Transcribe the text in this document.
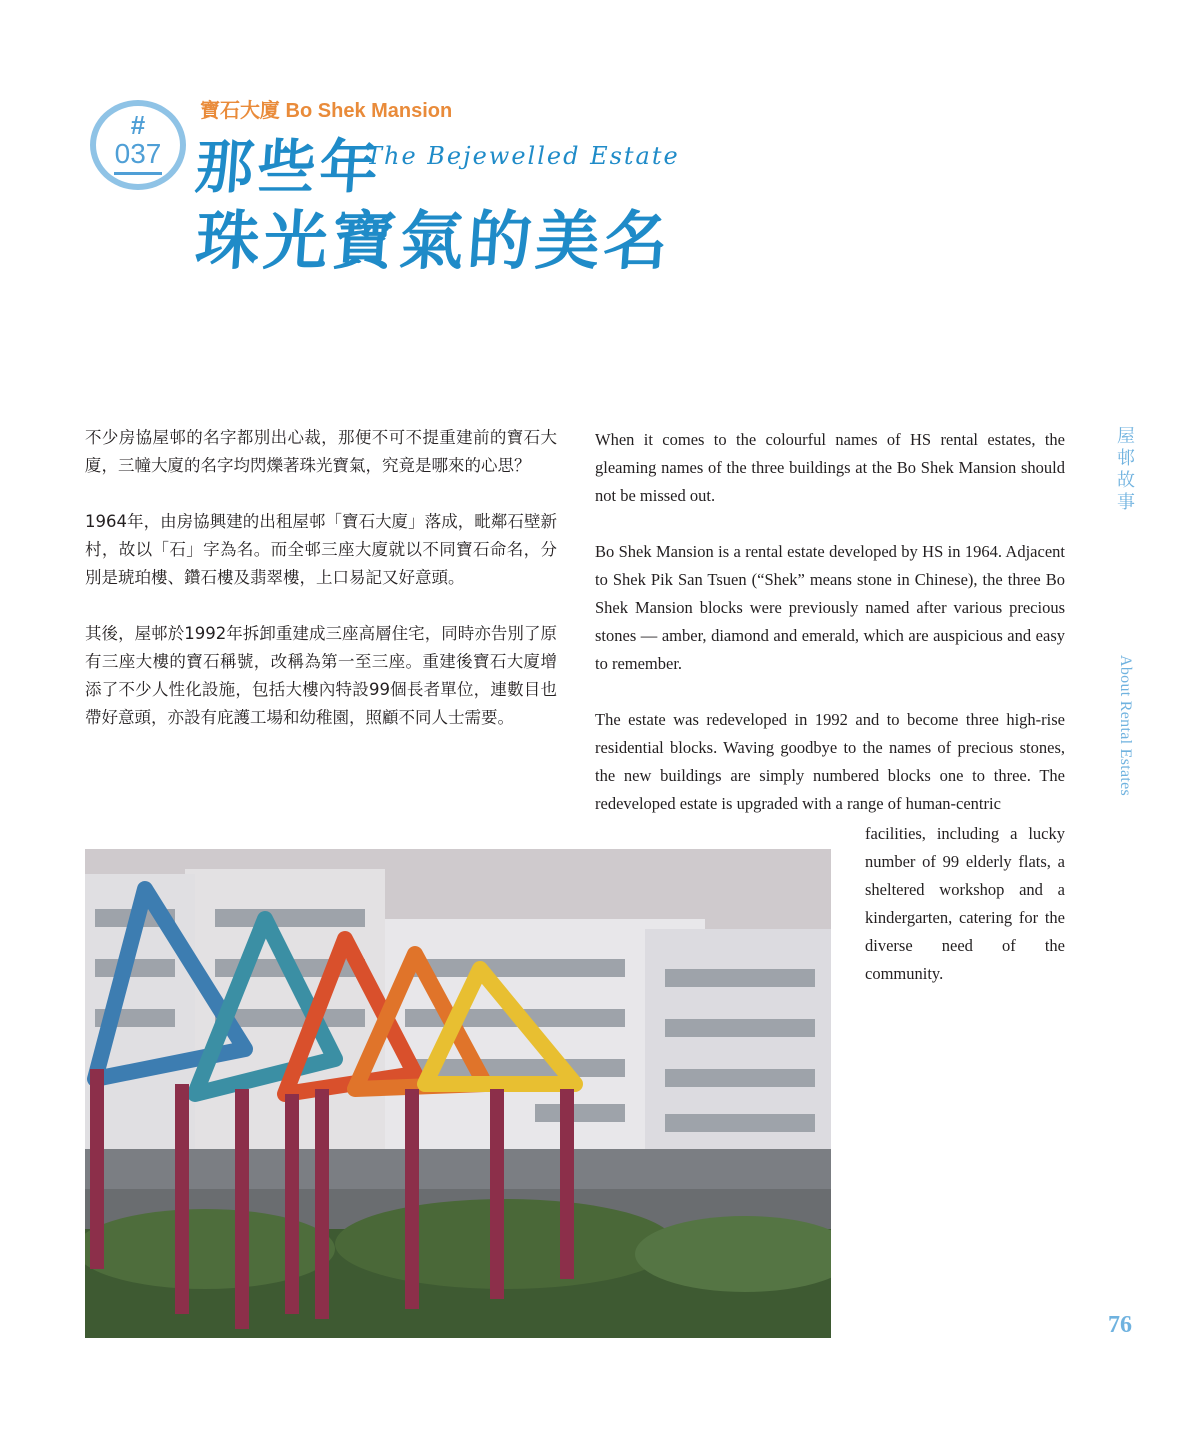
#
037
寶石大廈 Bo Shek Mansion
那些年
The Bejewelled Estate
珠光寶氣的美名

不少房協屋邨的名字都別出心裁，那便不可不提重建前的寶石大廈，三幢大廈的名字均閃爍著珠光寶氣，究竟是哪來的心思？

1964年，由房協興建的出租屋邨「寶石大廈」落成，毗鄰石壁新村，故以「石」字為名。而全邨三座大廈就以不同寶石命名，分別是琥珀樓、鑽石樓及翡翠樓，上口易記又好意頭。

其後，屋邨於1992年拆卸重建成三座高層住宅，同時亦告別了原有三座大樓的寶石稱號，改稱為第一至三座。重建後寶石大廈增添了不少人性化設施，包括大樓內特設99個長者單位，連數目也帶好意頭，亦設有庇護工場和幼稚園，照顧不同人士需要。

When it comes to the colourful names of HS rental estates, the gleaming names of the three buildings at the Bo Shek Mansion should not be missed out.

Bo Shek Mansion is a rental estate developed by HS in 1964. Adjacent to Shek Pik San Tsuen (“Shek” means stone in Chinese), the three Bo Shek Mansion blocks were previously named after various precious stones — amber, diamond and emerald, which are auspicious and easy to remember.

The estate was redeveloped in 1992 and to become three high-rise residential blocks. Waving goodbye to the names of precious stones, the new buildings are simply numbered blocks one to three. The redeveloped estate is upgraded with a range of human-centric

facilities, including a lucky number of 99 elderly flats, a sheltered workshop and a kindergarten, catering for the diverse need of the community.
屋邨故事
About Rental Estates
76
